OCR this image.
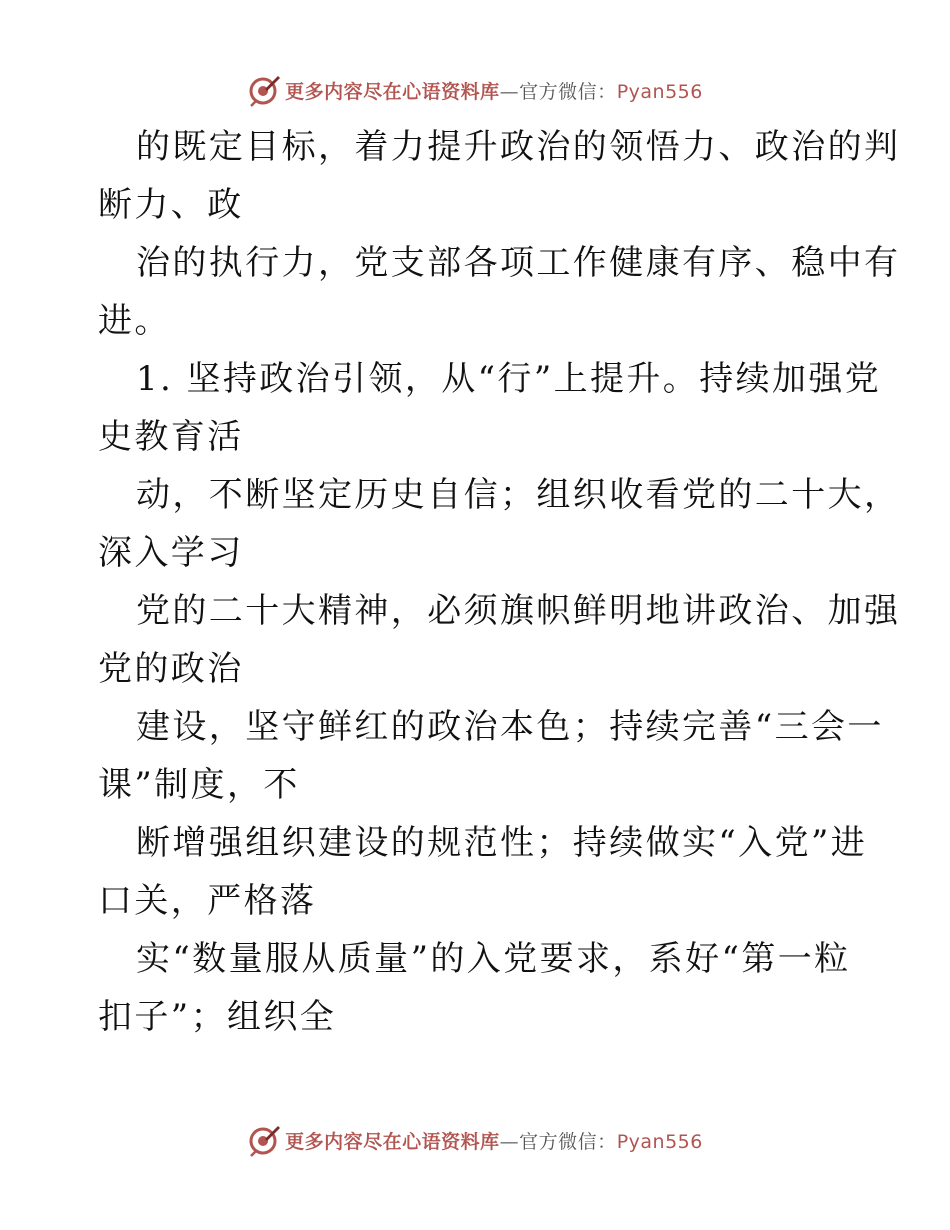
更多内容尽在心语资料库—官方微信：Pyan556
的既定目标，着力提升政治的领悟力、政治的判
断力、政
治的执行力，党支部各项工作健康有序、稳中有
进。
1. 坚持政治引领，从“行”上提升。持续加强党
史教育活
动，不断坚定历史自信；组织收看党的二十大，
深入学习
党的二十大精神，必须旗帜鲜明地讲政治、加强
党的政治
建设，坚守鲜红的政治本色；持续完善“三会一
课”制度，不
断增强组织建设的规范性；持续做实“入党”进
口关，严格落
实“数量服从质量”的入党要求，系好“第一粒
扣子”；组织全
更多内容尽在心语资料库—官方微信：Pyan556
